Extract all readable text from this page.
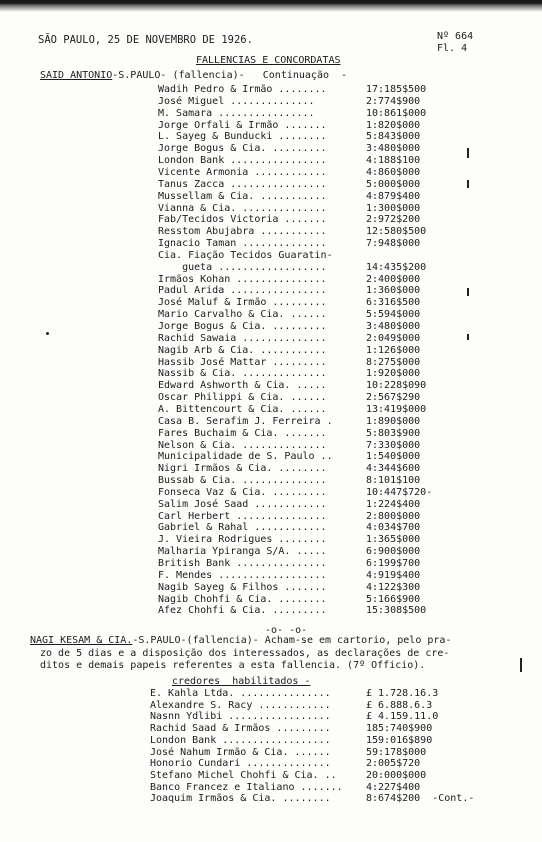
SÃO PAULO, 25 DE NOVEMBRO DE 1926.	Nº 664
Fl. 4
FALLENCIAS E CONCORDATAS
SAID ANTONIO-S.PAULO- (fallencia)-   Continuação  -
Wadih Pedro & Irmão ........	17:185$500
José Miguel ..............	2:774$900
M. Samara ................	10:861$000
Jorge Orfali & Irmão .......	1:820$000
L. Sayeg & Bunducki ........	5:843$000
Jorge Bogus & Cia. .........	3:480$000
London Bank ................	4:188$100
Vicente Armonia ............	4:860$000
Tanus Zacca ................	5:000$000
Mussellam & Cia. ...........	4:879$400
Vianna & Cia. ..............	1:300$000
Fab/Tecidos Victoria .......	2:972$200
Resstom Abujabra ...........	12:580$500
Ignacio Taman ..............	7:948$000
Cia. Fiação Tecidos Guaratin-
gueta ..................	14:435$200
Irmãos Kohan ...............	2:400$000
Padul Arida ................	1:360$000
José Maluf & Irmão .........	6:316$500
Mario Carvalho & Cia. ......	5:594$000
Jorge Bogus & Cia. .........	3:480$000
Rachid Sawaia ..............	2:049$000
Nagib Arb & Cia. ...........	1:126$000
Hassib José Mattar .........	8:275$000
Nassib & Cia. ..............	1:920$000
Edward Ashworth & Cia. .....	10:228$090
Oscar Philippi & Cia. ......	2:567$290
A. Bittencourt & Cia. ......	13:419$000
Casa B. Serafim J. Ferreira .	1:890$000
Fares Buchaim & Cia. .......	5:803$900
Nelson & Cia. ..............	7:330$000
Municipalidade de S. Paulo ..	1:540$000
Nigri Irmãos & Cia. ........	4:344$600
Bussab & Cia. ..............	8:101$100
Fonseca Vaz & Cia. .........	10:447$720-
Salim José Saad ............	1:224$400
Carl Herbert ...............	2:800$000
Gabriel & Rahal ............	4:034$700
J. Vieira Rodrigues ........	1:365$000
Malharia Ypiranga S/A. .....	6:900$000
British Bank ...............	6:199$700
F. Mendes ..................	4:919$400
Nagib Sayeg & Filhos .......	4:122$300
Nagib Chohfi & Cia. ........	5:166$900
Afez Chohfi & Cia. .........	15:308$500
-o- -o-
NAGI KESAM & CIA.-S.PAULO-(fallencia)- Acham-se em cartorio, pelo pra-
zo de 5 dias e a disposição dos interessados, as declarações de cre-
ditos e demais papeis referentes a esta fallencia. (7º Officio).
credores  habilitados -
E. Kahla Ltda. ...............	£ 1.728.16.3
Alexandre S. Racy ............	£ 6.888.6.3
Nasnn Ydlibi .................	£ 4.159.11.0
Rachid Saad & Irmãos .........	185:740$900
London Bank ..................	159:016$890
José Nahum Irmão & Cia. ......	59:178$000
Honorio Cundari ..............	2:005$720
Stefano Michel Chohfi & Cia. ..	20:000$000
Banco Francez e Italiano ....... 4:227$400
Joaquim Irmãos & Cia. ........	8:674$200  -Cont.-
